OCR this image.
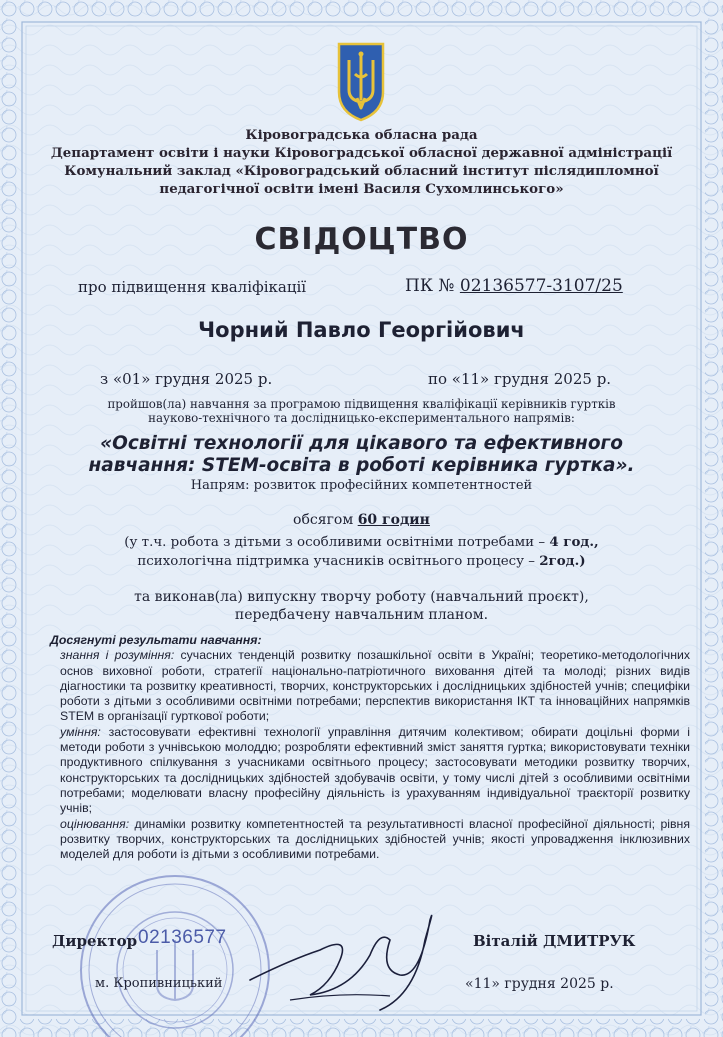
Кіровоградська обласна рада
Департамент освіти і науки Кіровоградської обласної державної адміністрації
Комунальний заклад «Кіровоградський обласний інститут післядипломної
педагогічної освіти імені Василя Сухомлинського»
СВІДОЦТВО
про підвищення кваліфікації	ПК № 02136577-3107/25
Чорний Павло Георгійович
з «01» грудня 2025 р.	по «11» грудня 2025 р.
пройшов(ла) навчання за програмою підвищення кваліфікації керівників гуртків
науково-технічного та дослідницько-експериментального напрямів:
«Освітні технології для цікавого та ефективного
навчання: STEM-освіта в роботі керівника гуртка».
Напрям: розвиток професійних компетентностей
обсягом 60 годин
(у т.ч. робота з дітьми з особливими освітніми потребами – 4 год.,
психологічна підтримка учасників освітнього процесу – 2год.)
та виконав(ла) випускну творчу роботу (навчальний проєкт),
передбачену навчальним планом.

Досягнуті результати навчання:

знання і розуміння: сучасних тенденцій розвитку позашкільної освіти в Україні; теоретико-методологічних основ виховної роботи, стратегії національно-патріотичного виховання дітей та молоді; різних видів діагностики та розвитку креативності, творчих, конструкторських і дослідницьких здібностей учнів; специфіки роботи з дітьми з особливими освітніми потребами; перспектив використання ІКТ та інноваційних напрямків STEM в організації гурткової роботи;

уміння: застосовувати ефективні технології управління дитячим колективом; обирати доцільні форми і методи роботи з учнівською молоддю; розробляти ефективний зміст заняття гуртка; використовувати техніки продуктивного спілкування з учасниками освітнього процесу; застосовувати методики розвитку творчих, конструкторських та дослідницьких здібностей здобувачів освіти, у тому числі дітей з особливими освітніми потребами; моделювати власну професійну діяльність із урахуванням індивідуальної траєкторії розвитку учнів;

оцінювання: динаміки розвитку компетентностей та результативності власної професійної діяльності; рівня розвитку творчих, конструкторських та дослідницьких здібностей учнів; якості упровадження інклюзивних моделей для роботи із дітьми з особливими потребами.

02136577
Директор	Віталій ДМИТРУК
м. Кропивницький	«11» грудня 2025 р.
